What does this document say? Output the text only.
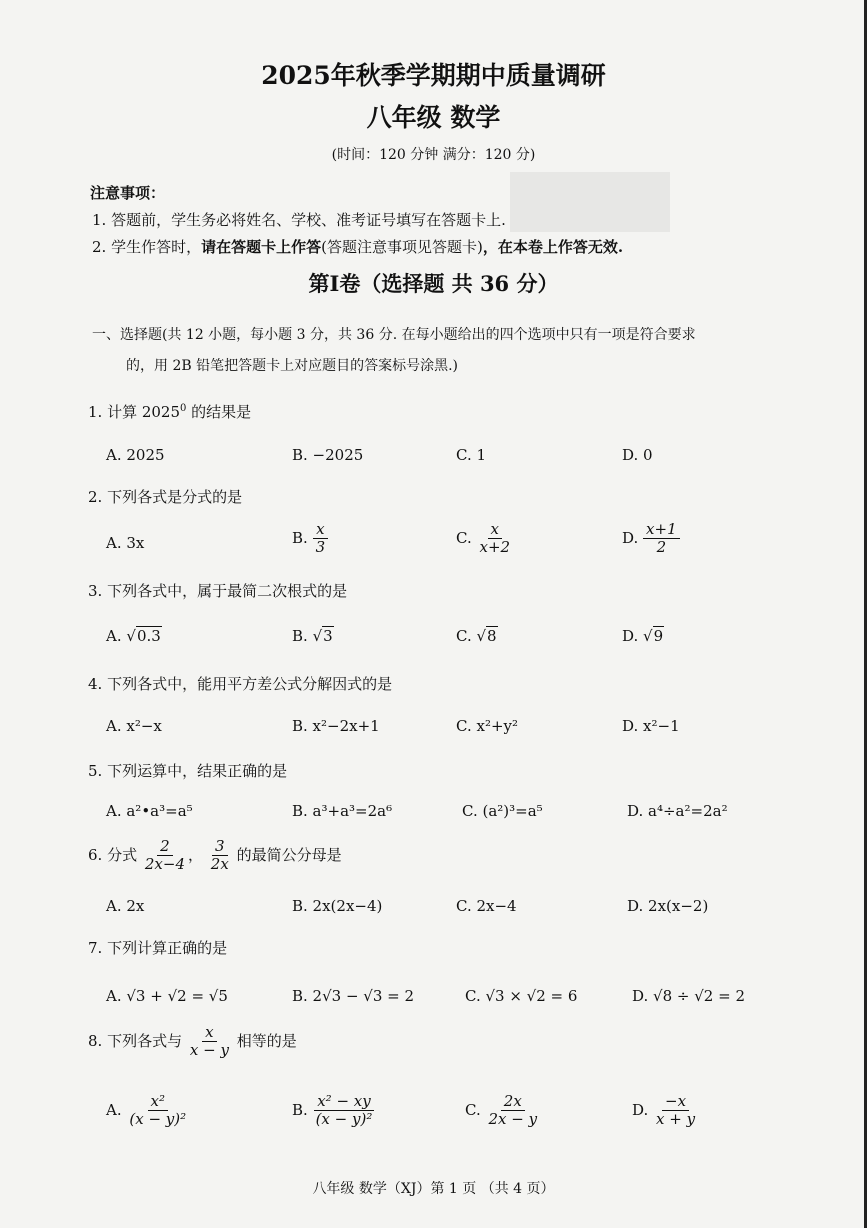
2025年秋季学期期中质量调研
八年级 数学
(时间：120 分钟 满分：120 分)
注意事项：
1. 答题前，学生务必将姓名、学校、准考证号填写在答题卡上.
2. 学生作答时，请在答题卡上作答(答题注意事项见答题卡)，在本卷上作答无效.
第Ⅰ卷（选择题 共 36 分）
一、选择题(共 12 小题，每小题 3 分，共 36 分. 在每小题给出的四个选项中只有一项是符合要求
的，用 2B 铅笔把答题卡上对应题目的答案标号涂黑.)
1. 计算 2025$^0$ 的结果是
A. 2025	B. −2025	C. 1	D. 0
2. 下列各式是分式的是
A. 3x	B. $\frac{x}{3}$	C. $\frac{x}{x+2}$	D. $\frac{x+1}{2}$
3. 下列各式中，属于最简二次根式的是
A. √0.3	B. √3	C. √8	D. √9
4. 下列各式中，能用平方差公式分解因式的是
A. x²−x	B. x²−2x+1	C. x²+y²	D. x²−1
5. 下列运算中，结果正确的是
A. a²•a³=a⁵	B. a³+a³=2a⁶	C. (a²)³=a⁵	D. a⁴÷a²=2a²
6. 分式 $\frac{2}{2x-4}$ ， $\frac{3}{2x}$ 的最简公分母是
A. 2x	B. 2x(2x−4)	C. 2x−4	D. 2x(x−2)
7. 下列计算正确的是
A. √3 + √2 = √5	B. 2√3 − √3 = 2	C. √3 × √2 = 6	D. √8 ÷ √2 = 2
8. 下列各式与 $\frac{x}{x - y}$ 相等的是
A. $\frac{\text{x²}}{\text{(x − y)²}}$	B. $\frac{\text{x² − xy}}{\text{(x − y)²}}$	C. $\frac{2x}{2x - y}$	D. $\frac{-x}{x + y}$
八年级 数学（XJ）第 1 页 （共 4 页）
